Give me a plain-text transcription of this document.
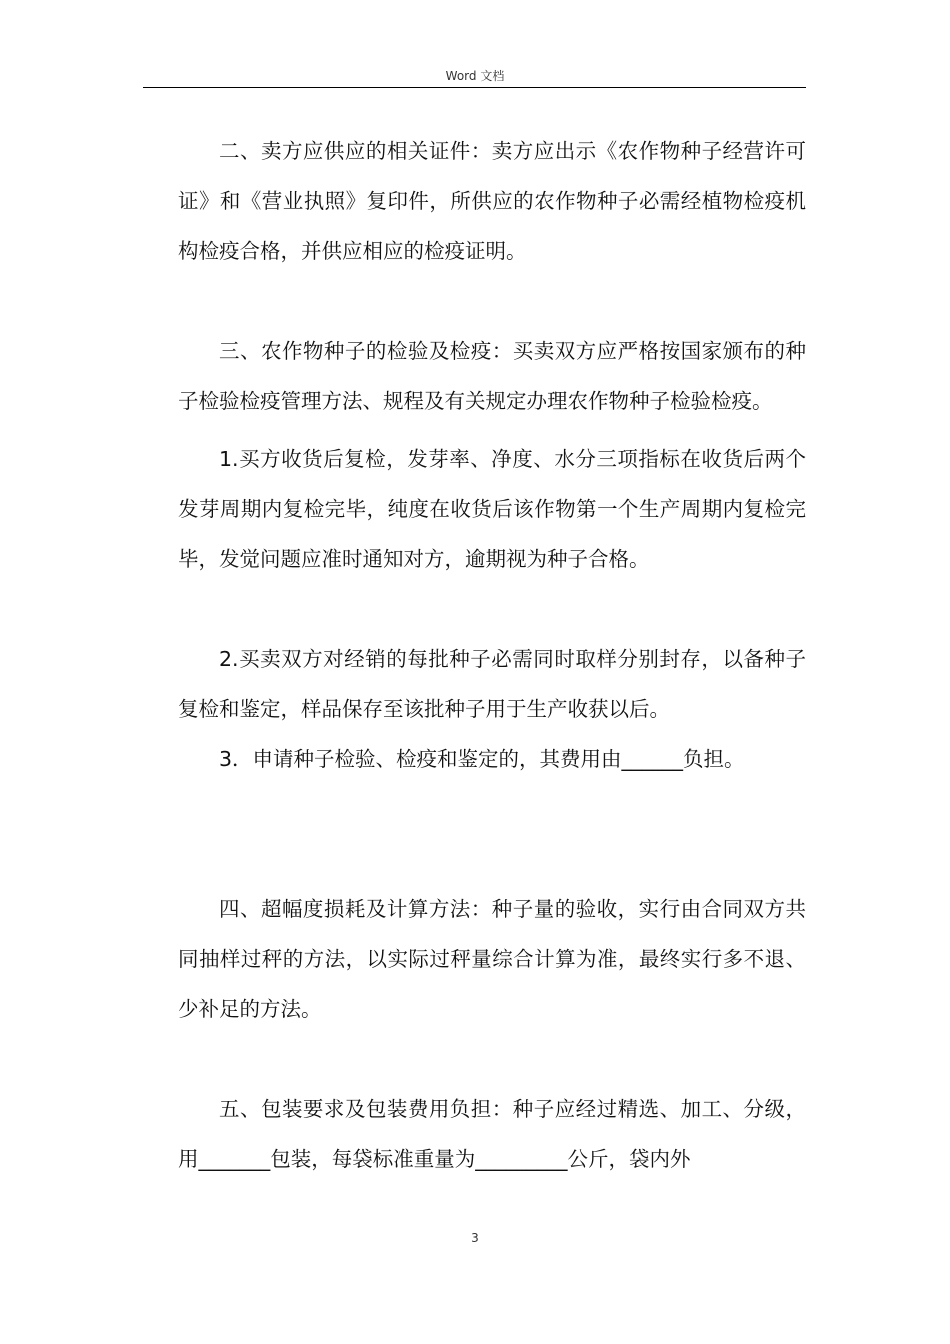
Word 文档

二、卖方应供应的相关证件：卖方应出示《农作物种子经营许可证》和《营业执照》复印件，所供应的农作物种子必需经植物检疫机构检疫合格，并供应相应的检疫证明。

三、农作物种子的检验及检疫：买卖双方应严格按国家颁布的种子检验检疫管理方法、规程及有关规定办理农作物种子检验检疫。

1.买方收货后复检，发芽率、净度、水分三项指标在收货后两个发芽周期内复检完毕，纯度在收货后该作物第一个生产周期内复检完毕，发觉问题应准时通知对方，逾期视为种子合格。

2.买卖双方对经销的每批种子必需同时取样分别封存，以备种子复检和鉴定，样品保存至该批种子用于生产收获以后。

3．申请种子检验、检疫和鉴定的，其费用由______负担。

四、超幅度损耗及计算方法：种子量的验收，实行由合同双方共同抽样过秤的方法，以实际过秤量综合计算为准，最终实行多不退、少补足的方法。

五、包装要求及包装费用负担：种子应经过精选、加工、分级，用_______包装，每袋标准重量为_________公斤，袋内外

3
